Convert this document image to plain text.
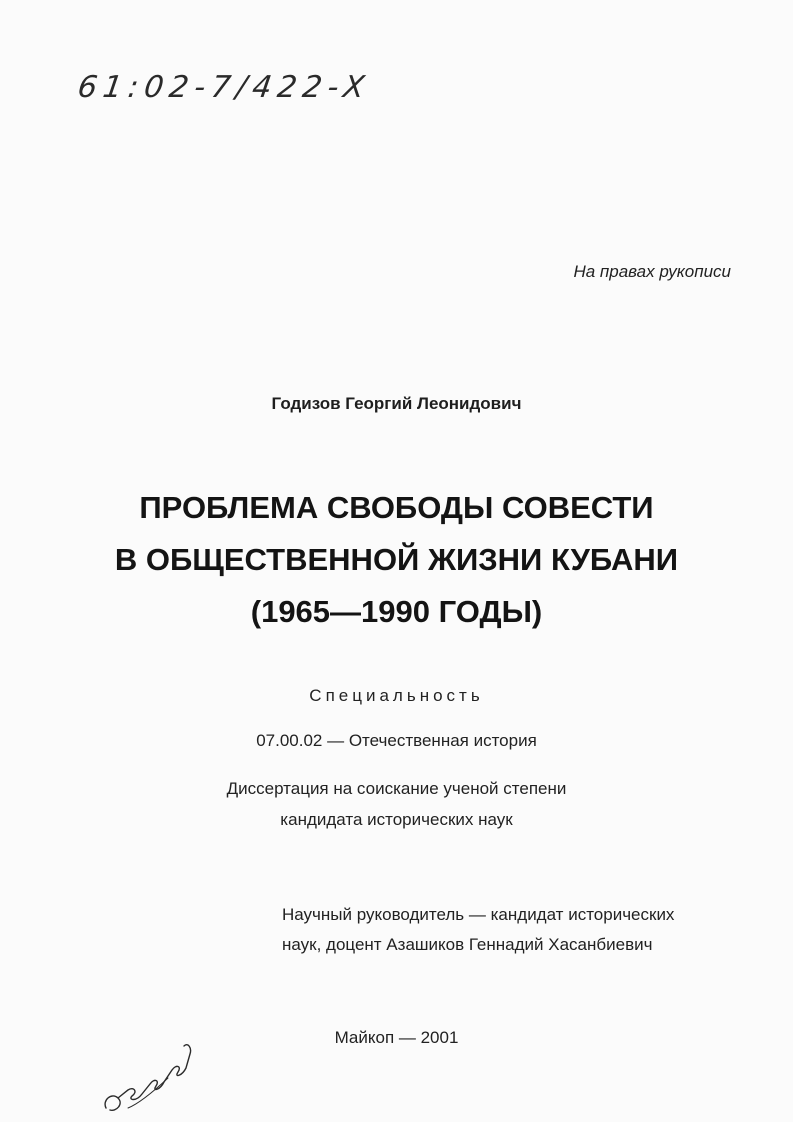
61:02-7/422-X
На правах рукописи
Годизов Георгий Леонидович
ПРОБЛЕМА СВОБОДЫ СОВЕСТИ
В ОБЩЕСТВЕННОЙ ЖИЗНИ КУБАНИ
(1965—1990 ГОДЫ)
Специальность
07.00.02 — Отечественная история
Диссертация на соискание ученой степени
кандидата исторических наук
Научный руководитель — кандидат исторических
наук, доцент Азашиков Геннадий Хасанбиевич
Майкоп — 2001
